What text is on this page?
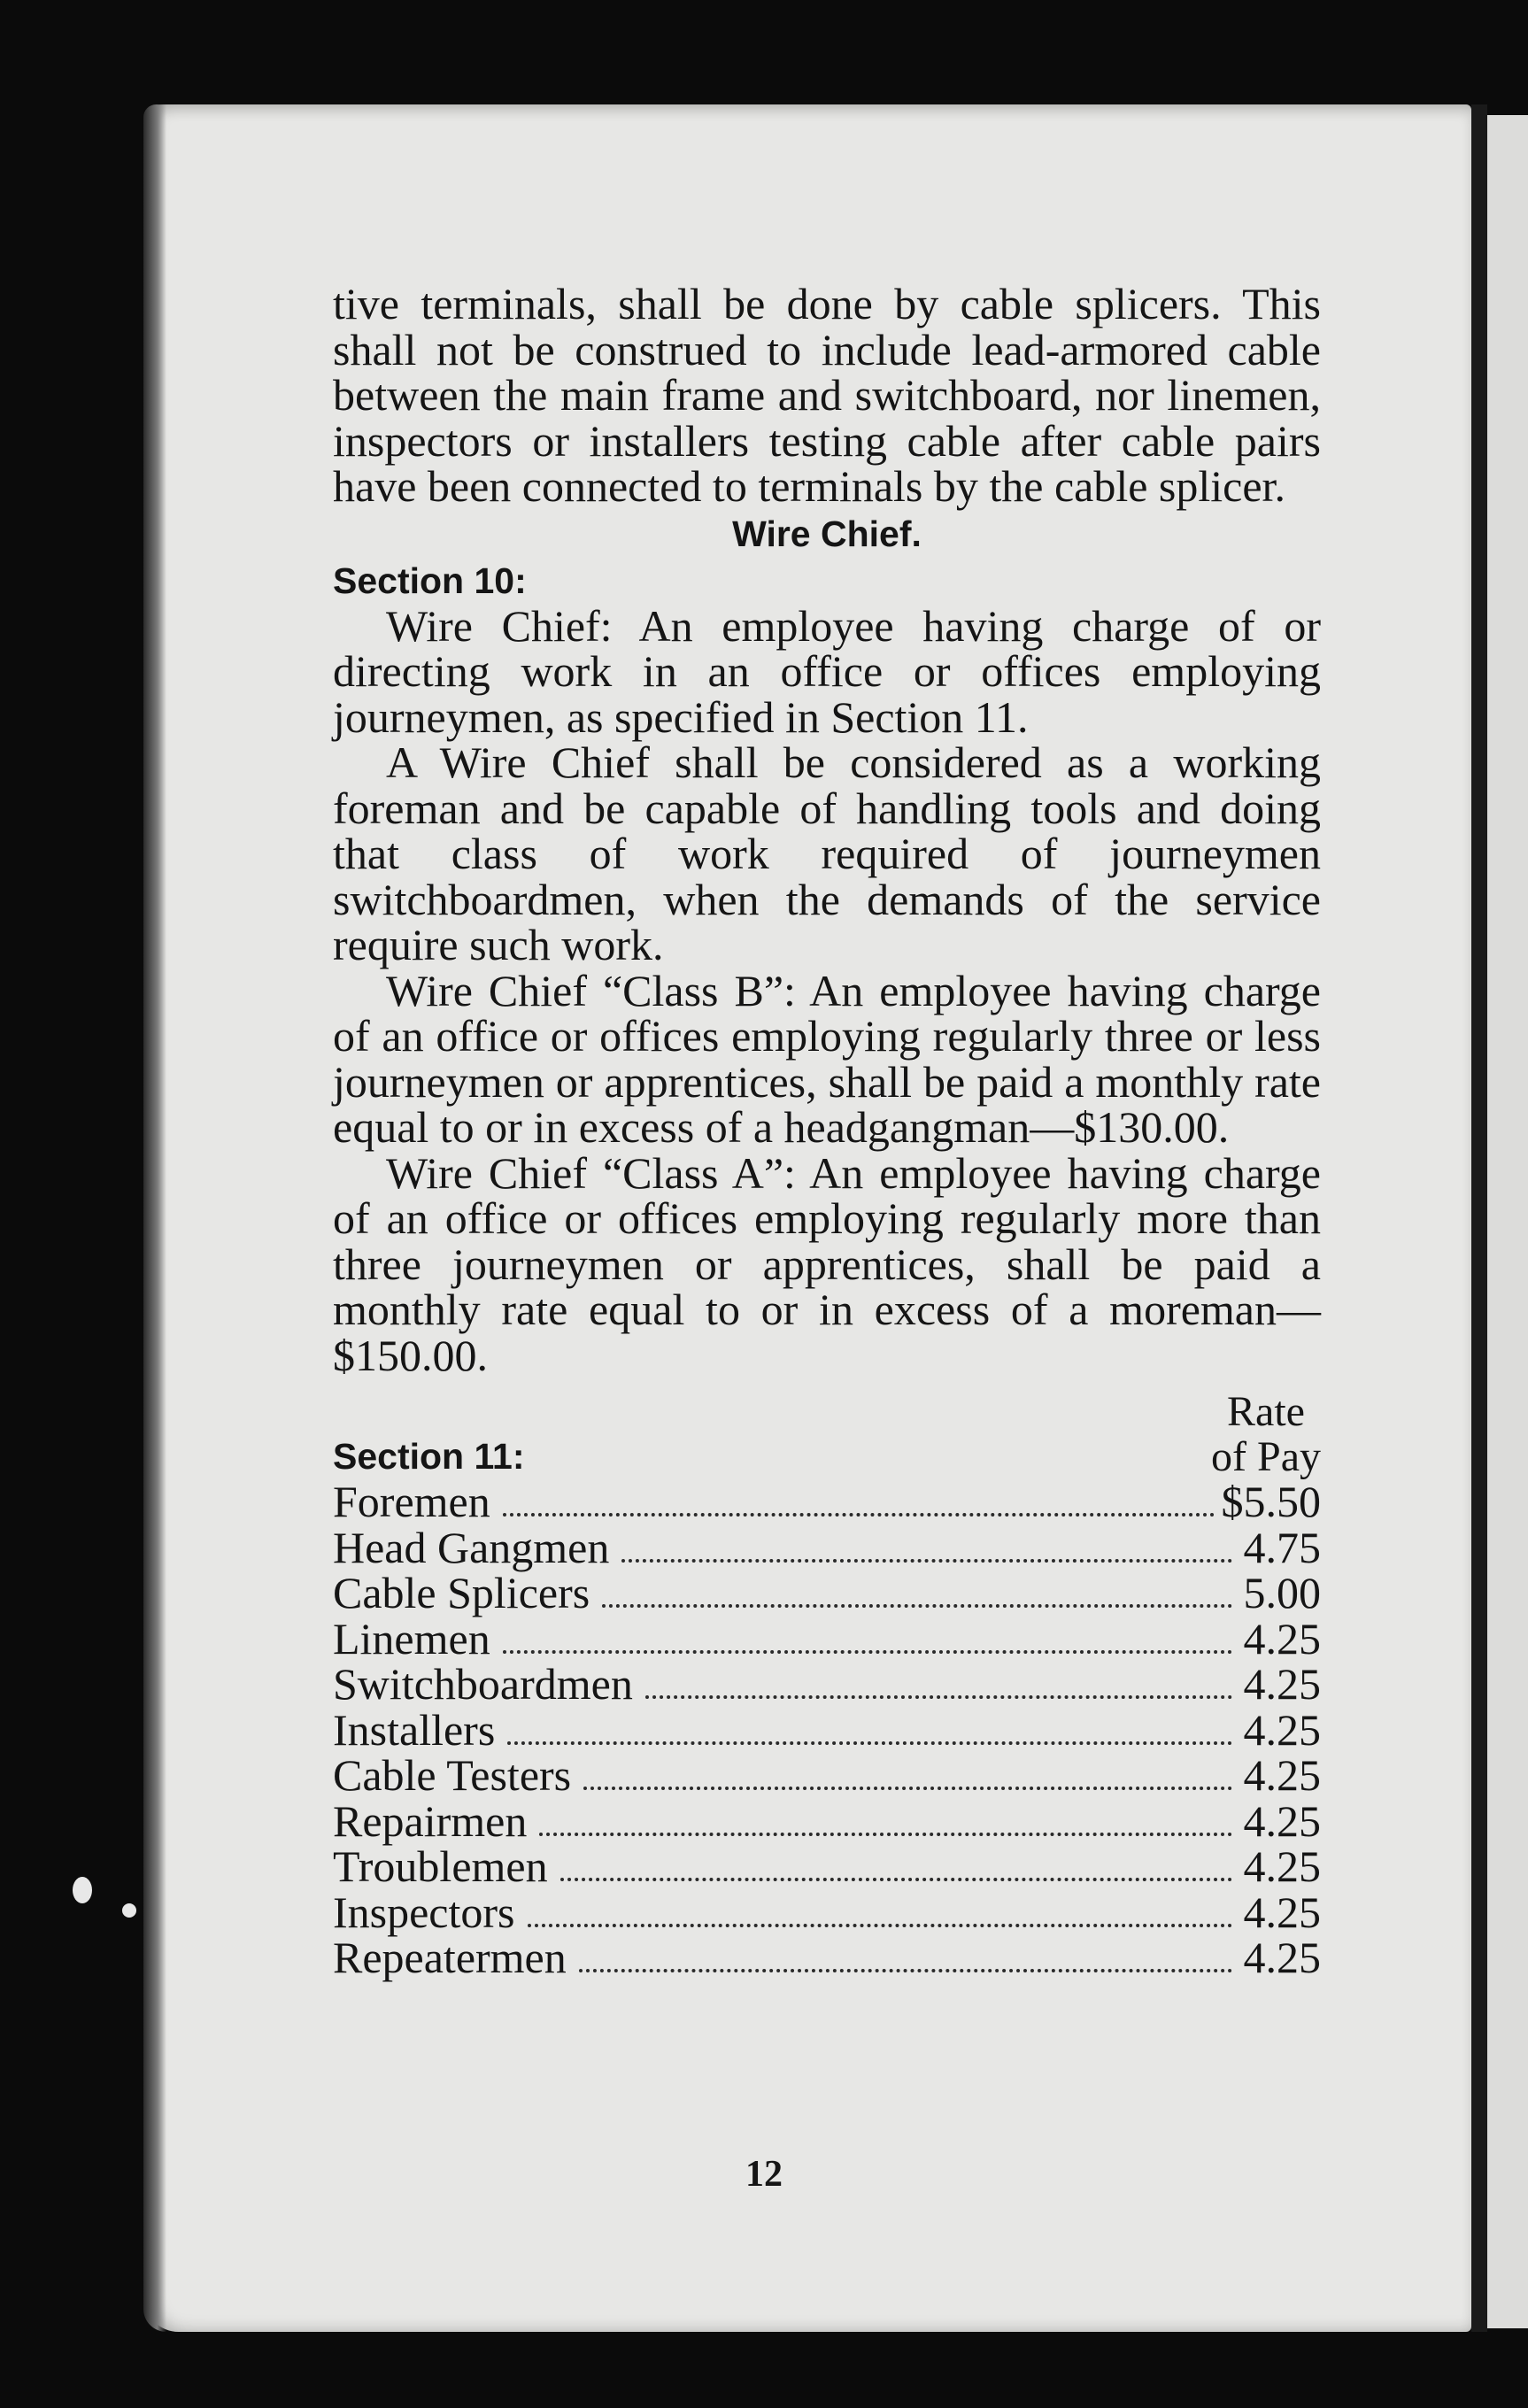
tive terminals, shall be done by cable splicers. This shall not be construed to include lead-armored cable between the main frame and switchboard, nor linemen, inspectors or installers testing cable after cable pairs have been connected to terminals by the cable splicer.

Wire Chief.

Section 10:

Wire Chief: An employee having charge of or directing work in an office or offices employing journeymen, as specified in Section 11.

A Wire Chief shall be considered as a working foreman and be capable of handling tools and doing that class of work required of journeymen switchboardmen, when the demands of the service require such work.

Wire Chief “Class B”: An employee having charge of an office or offices employing regularly three or less journeymen or apprentices, shall be paid a monthly rate equal to or in excess of a headgangman—$130.00.

Wire Chief “Class A”: An employee having charge of an office or offices employing regularly more than three journeymen or apprentices, shall be paid a monthly rate equal to or in excess of a moreman—$150.00.

Section 11:
Rate
of Pay
Foremen	$5.50
Head Gangmen	4.75
Cable Splicers	5.00
Linemen	4.25
Switchboardmen	4.25
Installers	4.25
Cable Testers	4.25
Repairmen	4.25
Troublemen	4.25
Inspectors	4.25
Repeatermen	4.25
12
